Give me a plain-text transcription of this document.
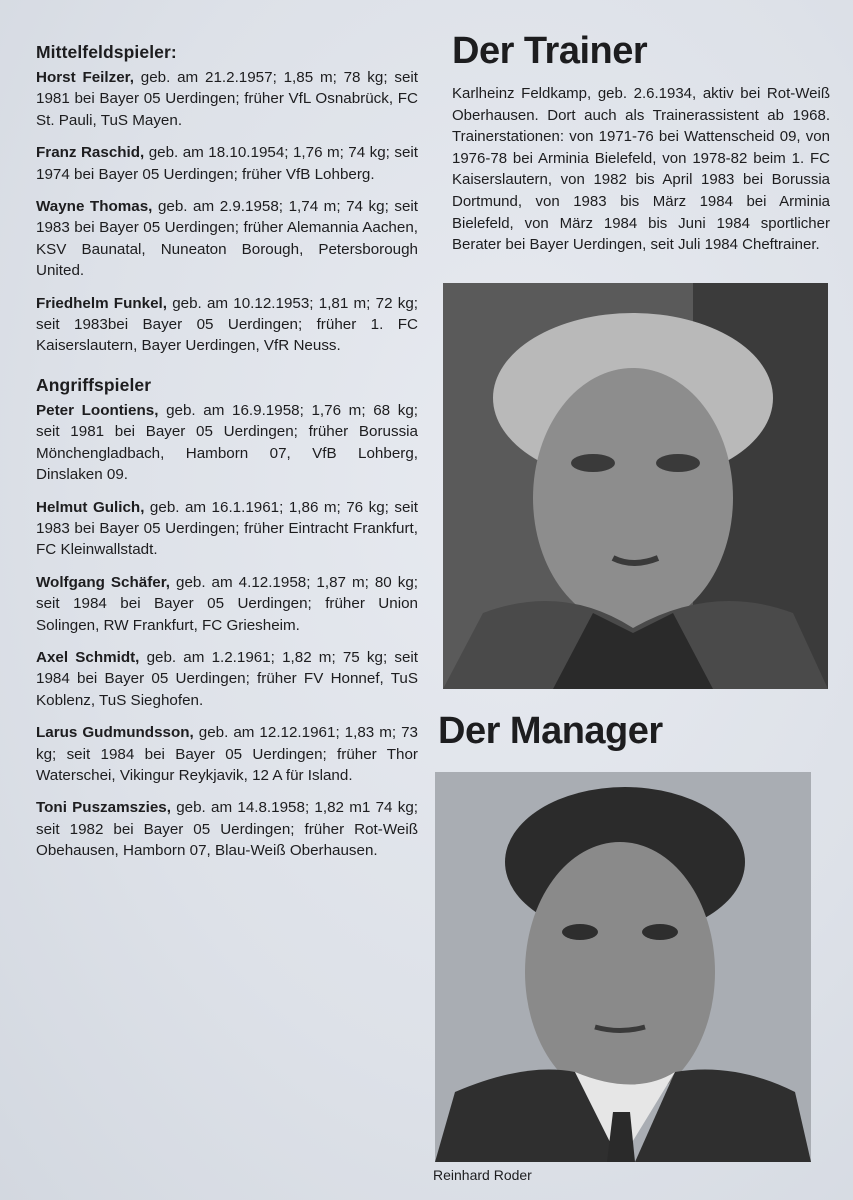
Mittelfeldspieler:

Horst Feilzer, geb. am 21.2.1957; 1,85 m; 78 kg; seit 1981 bei Bayer 05 Uerdingen; früher VfL Osnabrück, FC St. Pauli, TuS Mayen.

Franz Raschid, geb. am 18.10.1954; 1,76 m; 74 kg; seit 1974 bei Bayer 05 Uerdingen; früher VfB Lohberg.

Wayne Thomas, geb. am 2.9.1958; 1,74 m; 74 kg; seit 1983 bei Bayer 05 Uerdingen; früher Alemannia Aachen, KSV Baunatal, Nuneaton Borough, Petersborough United.

Friedhelm Funkel, geb. am 10.12.1953; 1,81 m; 72 kg; seit 1983bei Bayer 05 Uerdingen; früher 1. FC Kaiserslautern, Bayer Uerdingen, VfR Neuss.

Angriffspieler

Peter Loontiens, geb. am 16.9.1958; 1,76 m; 68 kg; seit 1981 bei Bayer 05 Uerdingen; früher Borussia Mönchengladbach, Hamborn 07, VfB Lohberg, Dinslaken 09.

Helmut Gulich, geb. am 16.1.1961; 1,86 m; 76 kg; seit 1983 bei Bayer 05 Uerdingen; früher Eintracht Frankfurt, FC Kleinwallstadt.

Wolfgang Schäfer, geb. am 4.12.1958; 1,87 m; 80 kg; seit 1984 bei Bayer 05 Uerdingen; früher Union Solingen, RW Frankfurt, FC Griesheim.

Axel Schmidt, geb. am 1.2.1961; 1,82 m; 75 kg; seit 1984 bei Bayer 05 Uerdingen; früher FV Honnef, TuS Koblenz, TuS Sieghofen.

Larus Gudmundsson, geb. am 12.12.1961; 1,83 m; 73 kg; seit 1984 bei Bayer 05 Uerdingen; früher Thor Waterschei, Vikingur Reykjavik, 12 A für Island.

Toni Puszamszies, geb. am 14.8.1958; 1,82 m1 74 kg; seit 1982 bei Bayer 05 Uerdingen; früher Rot-Weiß Obehausen, Hamborn 07, Blau-Weiß Oberhausen.

Der Trainer

Karlheinz Feldkamp, geb. 2.6.1934, aktiv bei Rot-Weiß Oberhausen. Dort auch als Trainerassistent ab 1968. Trainerstationen: von 1971-76 bei Wattenscheid 09, von 1976-78 bei Arminia Bielefeld, von 1978-82 beim 1. FC Kaiserslautern, von 1982 bis April 1983 bei Borussia Dortmund, von 1983 bis März 1984 bei Arminia Bielefeld, von März 1984 bis Juni 1984 sportlicher Berater bei Bayer Uerdingen, seit Juli 1984 Cheftrainer.

Der Manager
Reinhard Roder
